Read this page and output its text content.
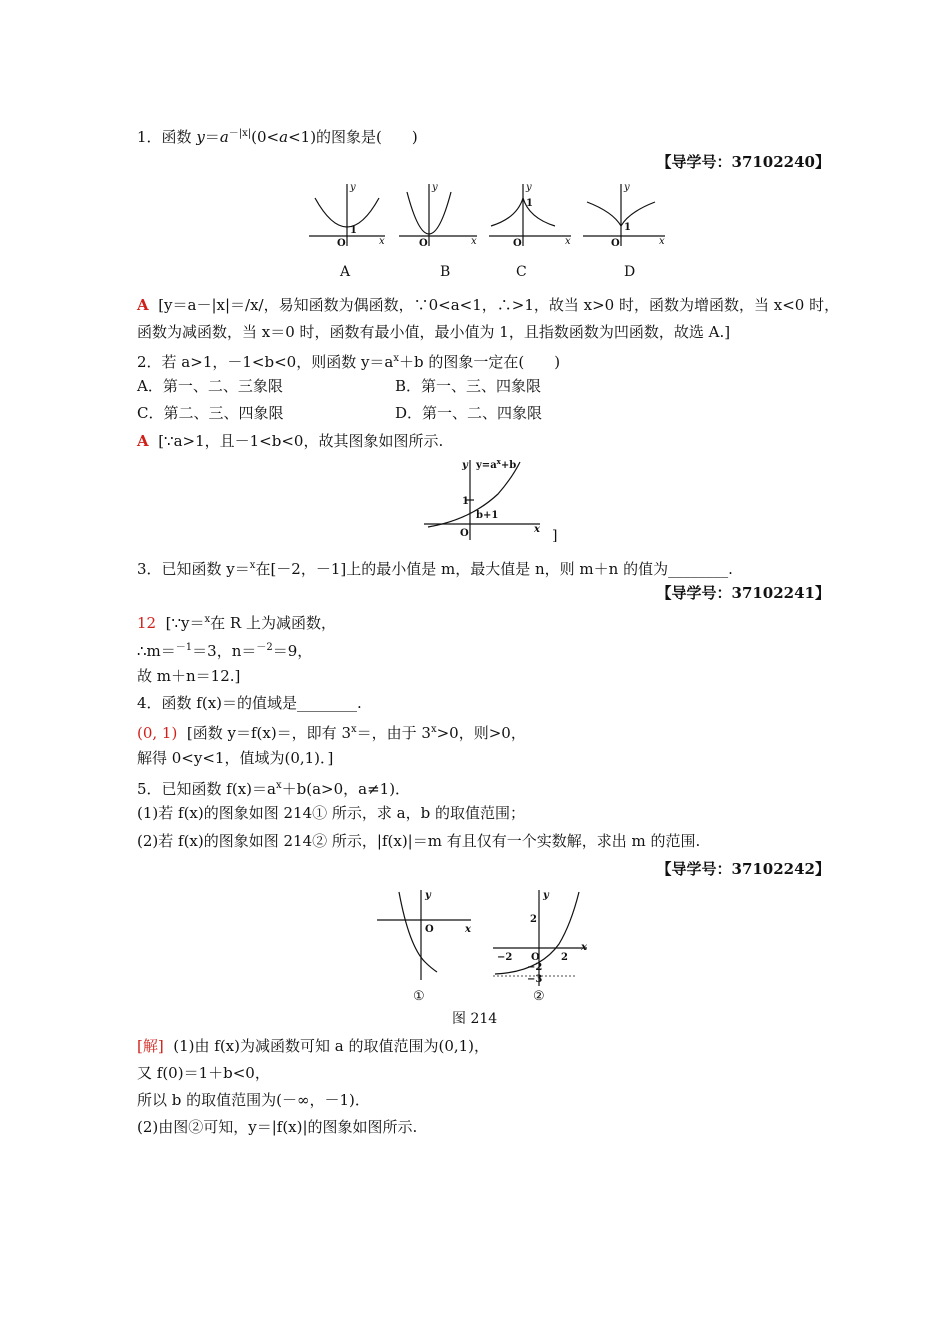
1．函数 $y=a^{-|x|}(0<a<1)$的图象是(　　)
【导学号：37102240】
y
x
y
x
y
x
y
x
O
1
O	O
1
O
1
A	B	C	D
A [y＝a－|x|＝/x/，易知函数为偶函数，∵0<a<1，∴>1，故当 x>0 时，函数为增函数，当 x<0 时，
函数为减函数，当 x＝0 时，函数有最小值，最小值为 1，且指数函数为凹函数，故选 A.]
2．若 a>1，－1<b<0，则函数 $y=a^x+b$ 的图象一定在(　　)
A．第一、二、三象限	B．第一、三、四象限
C．第二、三、四象限	D．第一、二、四象限
A [∵a>1，且－1<b<0，故其图象如图所示.
y $y=a^x+b$
1
b+1
O	x ]
3．已知函数 y＝$^x$在[－2，－1]上的最小值是 m，最大值是 n，则 m＋n 的值为________.
【导学号：37102241】
12 [∵y＝$^x$在 R 上为减函数，
∴m＝$^{-1}$＝3，n＝$^{-2}$＝9，
故 m＋n＝12.]
4．函数 f(x)＝的值域是________.
(0, 1) [函数 y＝f(x)＝，即有 $3^x=$，由于 $3^x>0$，则>0，
解得 0<y<1，值域为(0,1)．]
5．已知函数 $f(x)=a^x+b(a>0$，a≠1)．
(1)若 f(x)的图象如图 214① 所示，求 a，b 的取值范围；
(2)若 f(x)的图象如图 214② 所示，|f(x)|＝m 有且仅有一个实数解，求出 m 的范围.
【导学号：37102242】
y
O	x
y
2
−2 O 2
x
−2
−3
①	②
图 214
[解] (1)由 f(x)为减函数可知 a 的取值范围为(0,1)，
又 f(0)＝1＋b<0，
所以 b 的取值范围为(－∞，－1)．
(2)由图②可知，y＝|f(x)|的图象如图所示.
